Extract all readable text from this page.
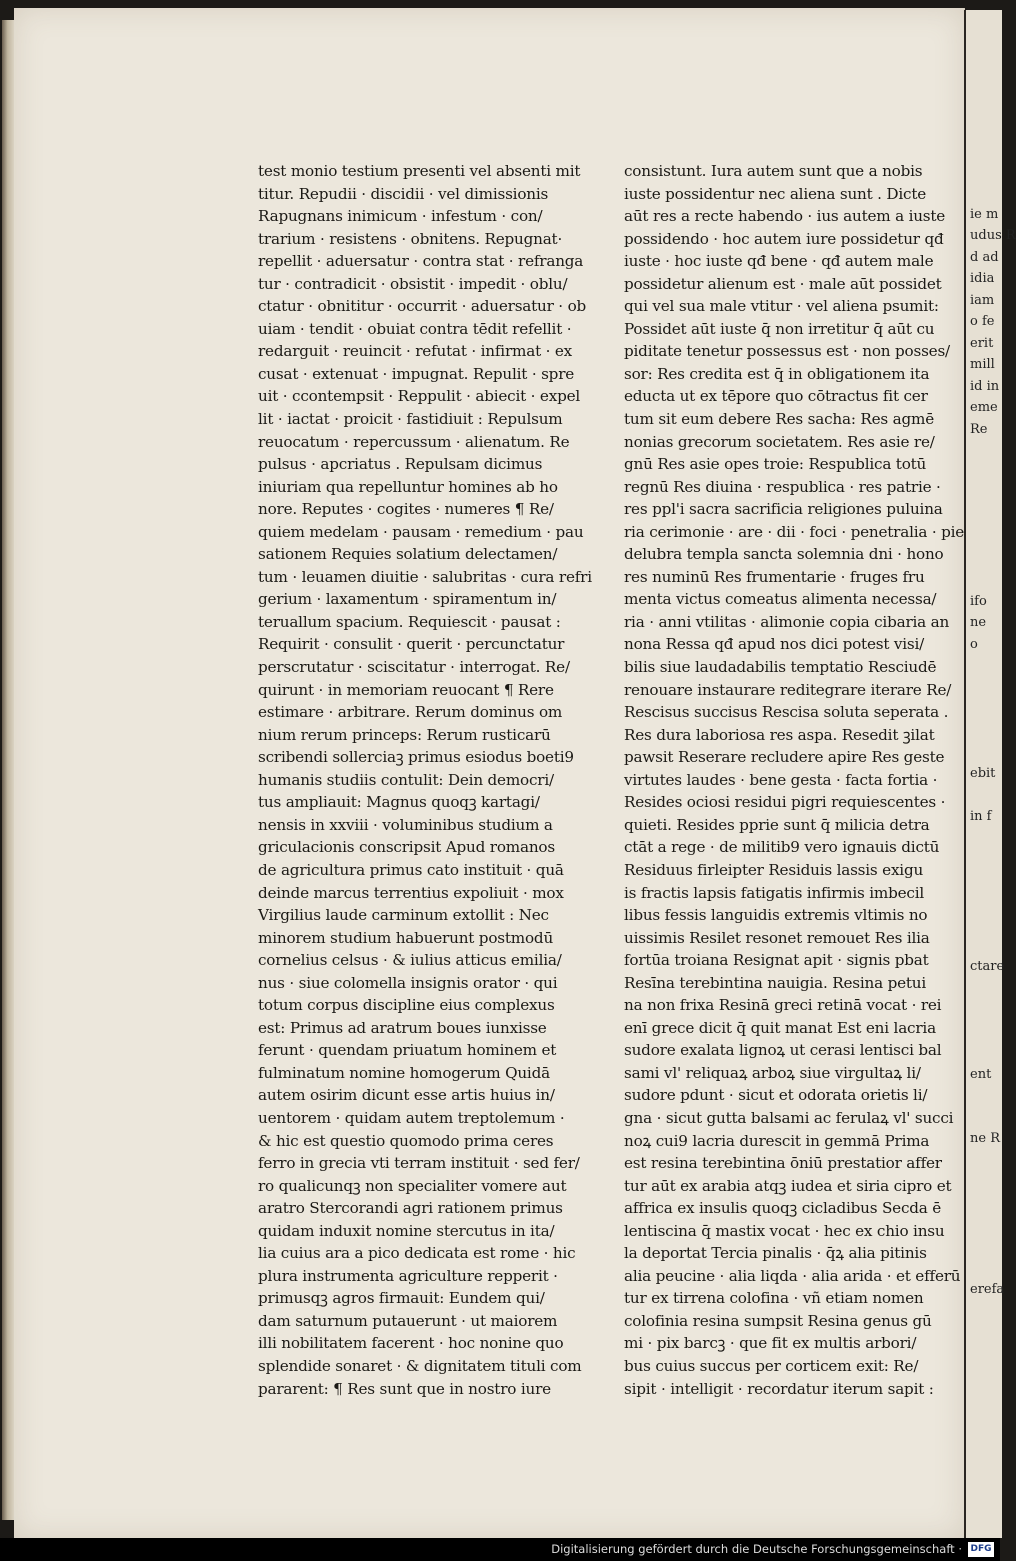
test monio testium presenti vel absenti mit
titur. Repudii · discidii · vel dimissionis
Rapugnans inimicum · infestum · con/
trarium · resistens · obnitens. Repugnat·
repellit · aduersatur · contra stat · refranga
tur · contradicit · obsistit · impedit · oblu/
ctatur · obnititur · occurrit · aduersatur · ob
uiam · tendit · obuiat contra tēdit refellit ·
redarguit · reuincit · refutat · infirmat · ex
cusat · extenuat · impugnat. Repulit · spre
uit · ccontempsit · Reppulit · abiecit · expel
lit · iactat · proicit · fastidiuit : Repulsum
reuocatum · repercussum · alienatum. Re
pulsus · apcriatus . Repulsam dicimus
iniuriam qua repelluntur homines ab ho
nore. Reputes · cogites · numeres ¶ Re/
quiem medelam · pausam · remedium · pau
sationem Requies solatium delectamen/
tum · leuamen diuitie · salubritas · cura refri
gerium · laxamentum · spiramentum in/
teruallum spacium. Requiescit · pausat :
Requirit · consulit · querit · percunctatur
perscrutatur · sciscitatur · interrogat. Re/
quirunt · in memoriam reuocant ¶ Rere
estimare · arbitrare. Rerum dominus om
nium rerum princeps: Rerum rusticarū
scribendi sollerciaꝫ primus esiodus boeti9
humanis studiis contulit: Dein democri/
tus ampliauit: Magnus quoqꝫ kartagi/
nensis in xxviii · voluminibus studium a
griculacionis conscripsit Apud romanos
de agricultura primus cato instituit · quā
deinde marcus terrentius expoliuit · mox
Virgilius laude carminum extollit : Nec
minorem studium habuerunt postmodū
cornelius celsus · & iulius atticus emilia/
nus · siue colomella insignis orator · qui
totum corpus discipline eius complexus
est: Primus ad aratrum boues iunxisse
ferunt · quendam priuatum hominem et
fulminatum nomine homogerum Quidā
autem osirim dicunt esse artis huius in/
uentorem · quidam autem treptolemum ·
& hic est questio quomodo prima ceres
ferro in grecia vti terram instituit · sed fer/
ro qualicunqꝫ non specialiter vomere aut
aratro Stercorandi agri rationem primus
quidam induxit nomine stercutus in ita/
lia cuius ara a pico dedicata est rome · hic
plura instrumenta agriculture repperit ·
primusqꝫ agros firmauit: Eundem qui/
dam saturnum putauerunt · ut maiorem
illi nobilitatem facerent · hoc nonine quo
splendide sonaret · & dignitatem tituli com
pararent: ¶ Res sunt que in nostro iure
consistunt. Iura autem sunt que a nobis
iuste possidentur nec aliena sunt . Dicte
aūt res a recte habendo · ius autem a iuste
possidendo · hoc autem iure possidetur qđ
iuste · hoc iuste qđ bene · qđ autem male
possidetur alienum est · male aūt possidet
qui vel sua male vtitur · vel aliena psumit:
Possidet aūt iuste q̄ non irretitur q̄ aūt cu
piditate tenetur possessus est · non posses/
sor: Res credita est q̄ in obligationem ita
educta ut ex tēpore quo cōtractus fit cer
tum sit eum debere Res sacha: Res agmē
nonias grecorum societatem. Res asie re/
gnū Res asie opes troie: Respublica totū
regnū Res diuina · respublica · res patrie ·
res ppl'i sacra sacrificia religiones puluina
ria cerimonie · are · dii · foci · penetralia · pie
delubra templa sancta solemnia dni · hono
res numinū Res frumentarie · fruges fru
menta victus comeatus alimenta necessa/
ria · anni vtilitas · alimonie copia cibaria an
nona Ressa qđ apud nos dici potest visi/
bilis siue laudadabilis temptatio Resciudē
renouare instaurare reditegrare iterare Re/
Rescisus succisus Rescisa soluta seperata .
Res dura laboriosa res aspa. Resedit ꝫilat
pawsit Reserare recludere apire Res geste
virtutes laudes · bene gesta · facta fortia ·
Resides ociosi residui pigri requiescentes ·
quieti. Resides pprie sunt q̄ milicia detra
ctāt a rege · de militib9 vero ignauis dictū
Residuus firleipter Residuis lassis exigu
is fractis lapsis fatigatis infirmis imbecil
libus fessis languidis extremis vltimis no
uissimis Resilet resonet remouet Res ilia
fortūa troiana Resignat apit · signis pbat
Resīna terebintina nauigia. Resina petui
na non frixa Resinā greci retinā vocat · rei
enī grece dicit q̄ quit manat Est eni lacria
sudore exalata lignoꝝ ut cerasi lentisci bal
sami vl' reliquaꝝ arboꝝ siue virgultaꝝ li/
sudore pdunt · sicut et odorata orietis li/
gna · sicut gutta balsami ac ferulaꝝ vl' succi
noꝝ cui9 lacria durescit in gemmā Prima
est resina terebintina ōniū prestatior affer
tur aūt ex arabia atqꝫ iudea et siria cipro et
affrica ex insulis quoqꝫ cicladibus Secda ē
lentiscina q̄ mastix vocat · hec ex chio insu
la deportat Tercia pinalis · q̄ꝝ alia pitinis
alia peucine · alia liqda · alia arida · et efferū
tur ex tirrena colofina · vñ etiam nomen
colofinia resina sumpsit Resina genus gū
mi · pix barcꝫ · que fit ex multis arbori/
bus cuius succus per corticem exit: Re/
sipit · intelligit · recordatur iterum sapit :

ie m
udus R
d ad
idia
iam
o fe
erit
mill
id in
eme
Re

ifo
ne
o

ebit

in f

ctare

ent

ne R

erefa

Digitalisierung gefördert durch die Deutsche Forschungsgemeinschaft · DFG
